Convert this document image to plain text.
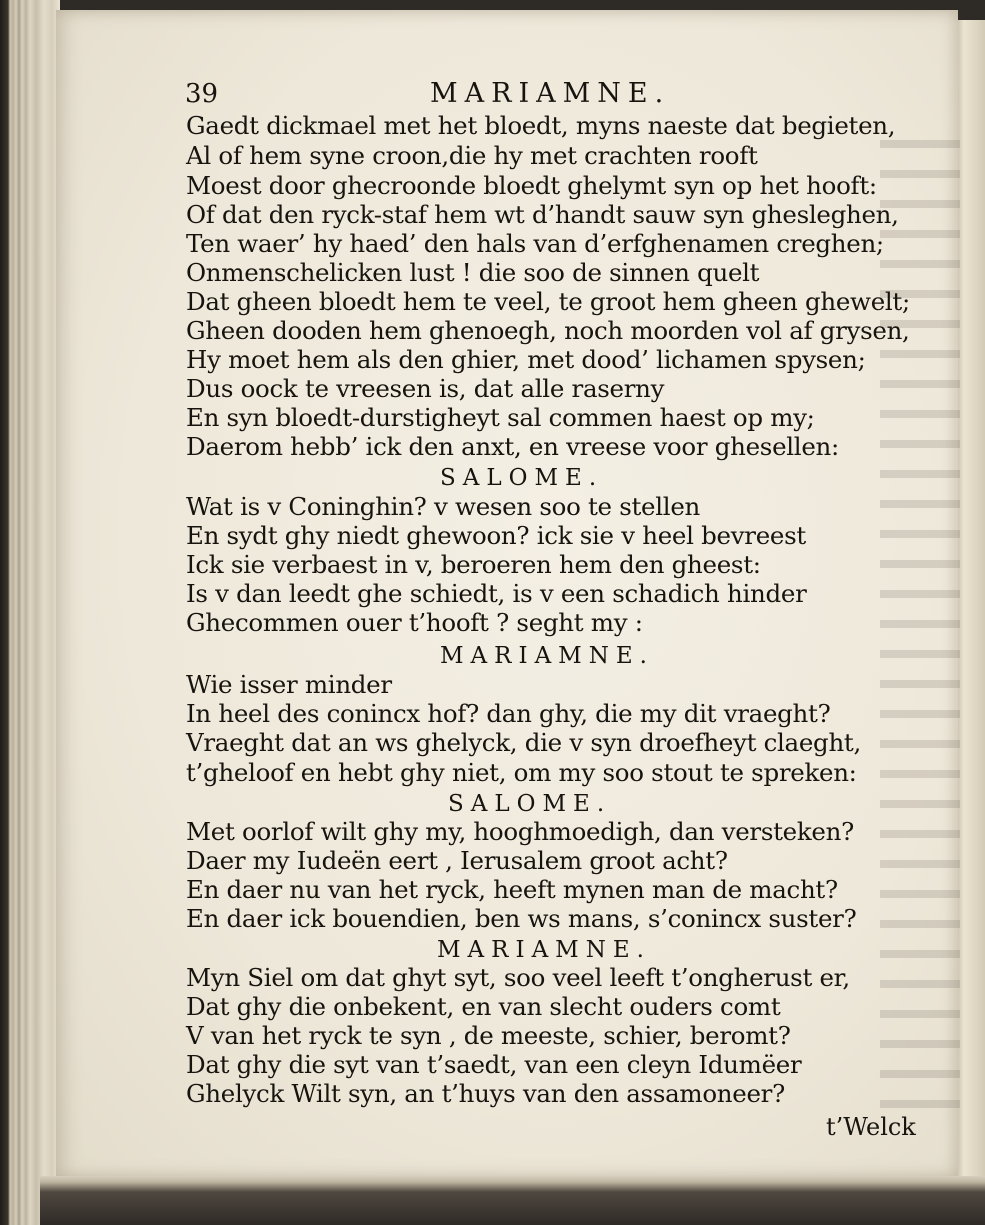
39	MARIAMNE.
Gaedt dickmael met het bloedt, myns naeste dat begieten,
Al of hem syne croon,die hy met crachten rooft
Moest door ghecroonde bloedt ghelymt syn op het hooft:
Of dat den ryck-staf hem wt d’handt sauw syn ghesleghen,
Ten waer’ hy haed’ den hals van d’erfghenamen creghen;
Onmenschelicken lust ! die soo de sinnen quelt
Dat gheen bloedt hem te veel, te groot hem gheen ghewelt;
Gheen dooden hem ghenoegh, noch moorden vol af grysen,
Hy moet hem als den ghier, met dood’ lichamen spysen;
Dus oock te vreesen is, dat alle raserny
En syn bloedt-durstigheyt sal commen haest op my;
Daerom hebb’ ick den anxt, en vreese voor ghesellen:
SALOME.
Wat is v Coninghin? v wesen soo te stellen
En sydt ghy niedt ghewoon? ick sie v heel bevreest
Ick sie verbaest in v, beroeren hem den gheest:
Is v dan leedt ghe schiedt, is v een schadich hinder
Ghecommen ouer t’hooft ? seght my :
MARIAMNE.
Wie isser minder
In heel des conincx hof? dan ghy, die my dit vraeght?
Vraeght dat an ws ghelyck, die v syn droefheyt claeght,
t’gheloof en hebt ghy niet, om my soo stout te spreken:
SALOME.
Met oorlof wilt ghy my, hooghmoedigh, dan versteken?
Daer my Iudeën eert , Ierusalem groot acht?
En daer nu van het ryck, heeft mynen man de macht?
En daer ick bouendien, ben ws mans, s’conincx suster?
MARIAMNE.
Myn Siel om dat ghyt syt, soo veel leeft t’ongherust er,
Dat ghy die onbekent, en van slecht ouders comt
V van het ryck te syn , de meeste, schier, beromt?
Dat ghy die syt van t’saedt, van een cleyn Idumëer
Ghelyck Wilt syn, an t’huys van den assamoneer?
t’Welck
